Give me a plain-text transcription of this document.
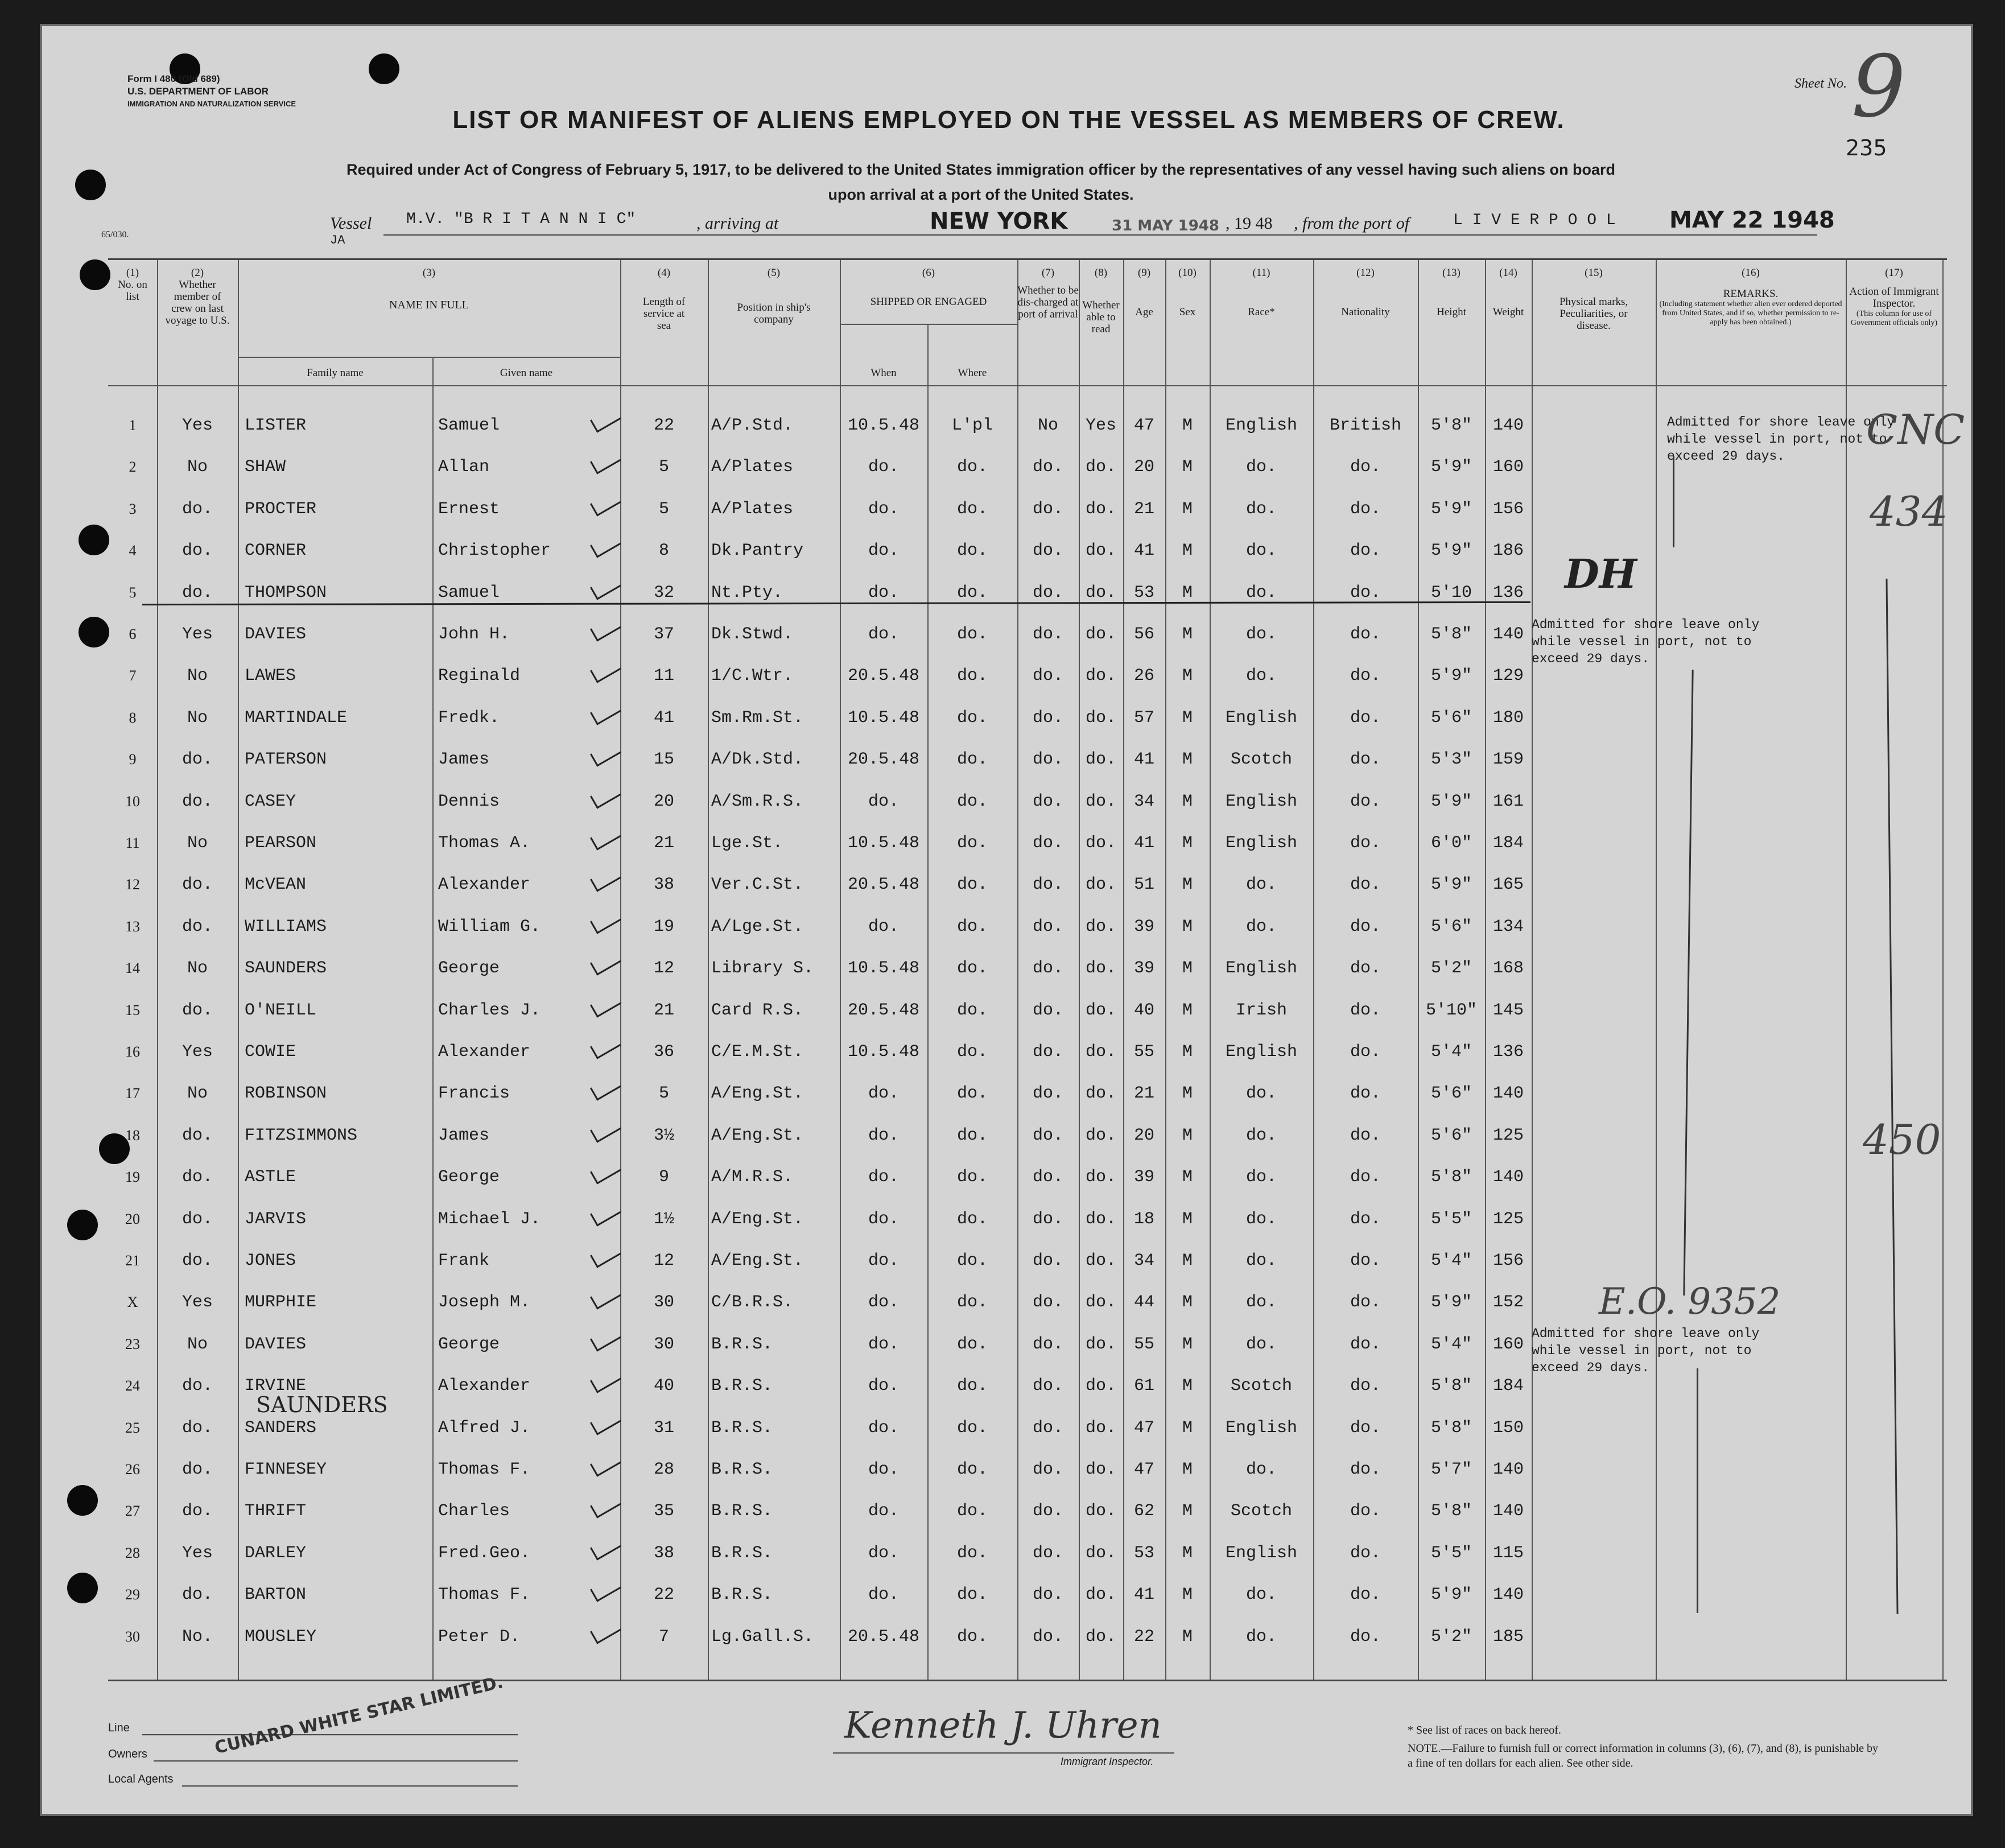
Form I 480 (Old 689)
U.S. DEPARTMENT OF LABOR
IMMIGRATION AND NATURALIZATION SERVICE
Sheet No. 9
235
LIST OR MANIFEST OF ALIENS EMPLOYED ON THE VESSEL AS MEMBERS OF CREW.
Required under Act of Congress of February 5, 1917, to be delivered to the United States immigration officer by the representatives of any vessel having such aliens on board
upon arrival at a port of the United States.
65/030.
Vessel
JA
M.V. "B R I T A N N I C"	, arriving at	NEW YORK	31 MAY 1948 , 19 48 , from the port of	L I V E R P O O L MAY 22 1948
(1)
No. on list
(2)
Whether member of crew on last voyage to U.S.
(3)
NAME IN FULL
Family name	Given name
(4)
Length of service at sea
(5)
Position in ship's company
(6)
SHIPPED OR ENGAGED
When	Where
(7)
Whether to be dis-charged at port of arrival
(8)
Whether able to read
(9)
Age
(10)
Sex
(11)
Race*
(12)
Nationality
(13)
Height
(14)
Weight
(15)
Physical marks, Peculiarities, or disease.
(16)
REMARKS.
(Including statement whether alien ever ordered deported from United States, and if so, whether permission to re-apply has been obtained.)
(17)
Action of Immigrant Inspector.
(This column for use of Government officials only)
1	Yes	LISTER	Samuel	22	A/P.Std.	10.5.48	L'pl	No	Yes	47	M	English	British	5'8"	140
2	No	SHAW	Allan	5	A/Plates	do.	do.	do.	do.	20	M	do.	do.	5'9"	160
3	do.	PROCTER	Ernest	5	A/Plates	do.	do.	do.	do.	21	M	do.	do.	5'9"	156
4	do.	CORNER	Christopher	8	Dk.Pantry	do.	do.	do.	do.	41	M	do.	do.	5'9"	186
5	do.	THOMPSON	Samuel	32	Nt.Pty.	do.	do.	do.	do.	53	M	do.	do.	5'10	136
6	Yes	DAVIES	John H.	37	Dk.Stwd.	do.	do.	do.	do.	56	M	do.	do.	5'8"	140
7	No	LAWES	Reginald	11	1/C.Wtr.	20.5.48	do.	do.	do.	26	M	do.	do.	5'9"	129
8	No	MARTINDALE	Fredk.	41	Sm.Rm.St.	10.5.48	do.	do.	do.	57	M	English	do.	5'6"	180
9	do.	PATERSON	James	15	A/Dk.Std.	20.5.48	do.	do.	do.	41	M	Scotch	do.	5'3"	159
10	do.	CASEY	Dennis	20	A/Sm.R.S.	do.	do.	do.	do.	34	M	English	do.	5'9"	161
11	No	PEARSON	Thomas A.	21	Lge.St.	10.5.48	do.	do.	do.	41	M	English	do.	6'0"	184
12	do.	McVEAN	Alexander	38	Ver.C.St.	20.5.48	do.	do.	do.	51	M	do.	do.	5'9"	165
13	do.	WILLIAMS	William G.	19	A/Lge.St.	do.	do.	do.	do.	39	M	do.	do.	5'6"	134
14	No	SAUNDERS	George	12	Library S.	10.5.48	do.	do.	do.	39	M	English	do.	5'2"	168
15	do.	O'NEILL	Charles J.	21	Card R.S.	20.5.48	do.	do.	do.	40	M	Irish	do.	5'10" 145
16	Yes	COWIE	Alexander	36	C/E.M.St.	10.5.48	do.	do.	do.	55	M	English	do.	5'4"	136
17	No	ROBINSON	Francis	5	A/Eng.St.	do.	do.	do.	do.	21	M	do.	do.	5'6"	140
18	do.	FITZSIMMONS	James	3½	A/Eng.St.	do.	do.	do.	do.	20	M	do.	do.	5'6"	125
19	do.	ASTLE	George	9	A/M.R.S.	do.	do.	do.	do.	39	M	do.	do.	5'8"	140
20	do.	JARVIS	Michael J.	1½	A/Eng.St.	do.	do.	do.	do.	18	M	do.	do.	5'5"	125
21	do.	JONES	Frank	12	A/Eng.St.	do.	do.	do.	do.	34	M	do.	do.	5'4"	156
X	Yes	MURPHIE	Joseph M.	30	C/B.R.S.	do.	do.	do.	do.	44	M	do.	do.	5'9"	152
23	No	DAVIES	George	30	B.R.S.	do.	do.	do.	do.	55	M	do.	do.	5'4"	160
24	do.	IRVINE	Alexander	40	B.R.S.	do.	do.	do.	do.	61	M	Scotch	do.	5'8"	184
25	do.	SANDERS	Alfred J.	31	B.R.S.	do.	do.	do.	do.	47	M	English	do.	5'8"	150
26	do.	FINNESEY	Thomas F.	28	B.R.S.	do.	do.	do.	do.	47	M	do.	do.	5'7"	140
27	do.	THRIFT	Charles	35	B.R.S.	do.	do.	do.	do.	62	M	Scotch	do.	5'8"	140
28	Yes	DARLEY	Fred.Geo.	38	B.R.S.	do.	do.	do.	do.	53	M	English	do.	5'5"	115
29	do.	BARTON	Thomas F.	22	B.R.S.	do.	do.	do.	do.	41	M	do.	do.	5'9"	140
30	No.	MOUSLEY	Peter D.	7	Lg.Gall.S.	20.5.48	do.	do.	do.	22	M	do.	do.	5'2"	185
Admitted for shore leave only while vessel in port, not to exceed 29 days.
Admitted for shore leave only while vessel in port, not to exceed 29 days.
Admitted for shore leave only while vessel in port, not to exceed 29 days.
DH
E.O. 9352
CNC
434
450
SAUNDERS
Line
Owners
Local Agents
CUNARD WHITE STAR LIMITED.	Kenneth J. Uhren
Immigrant Inspector.
* See list of races on back hereof.
NOTE.—Failure to furnish full or correct information in columns (3), (6), (7), and (8), is punishable by a fine of ten dollars for each alien. See other side.
